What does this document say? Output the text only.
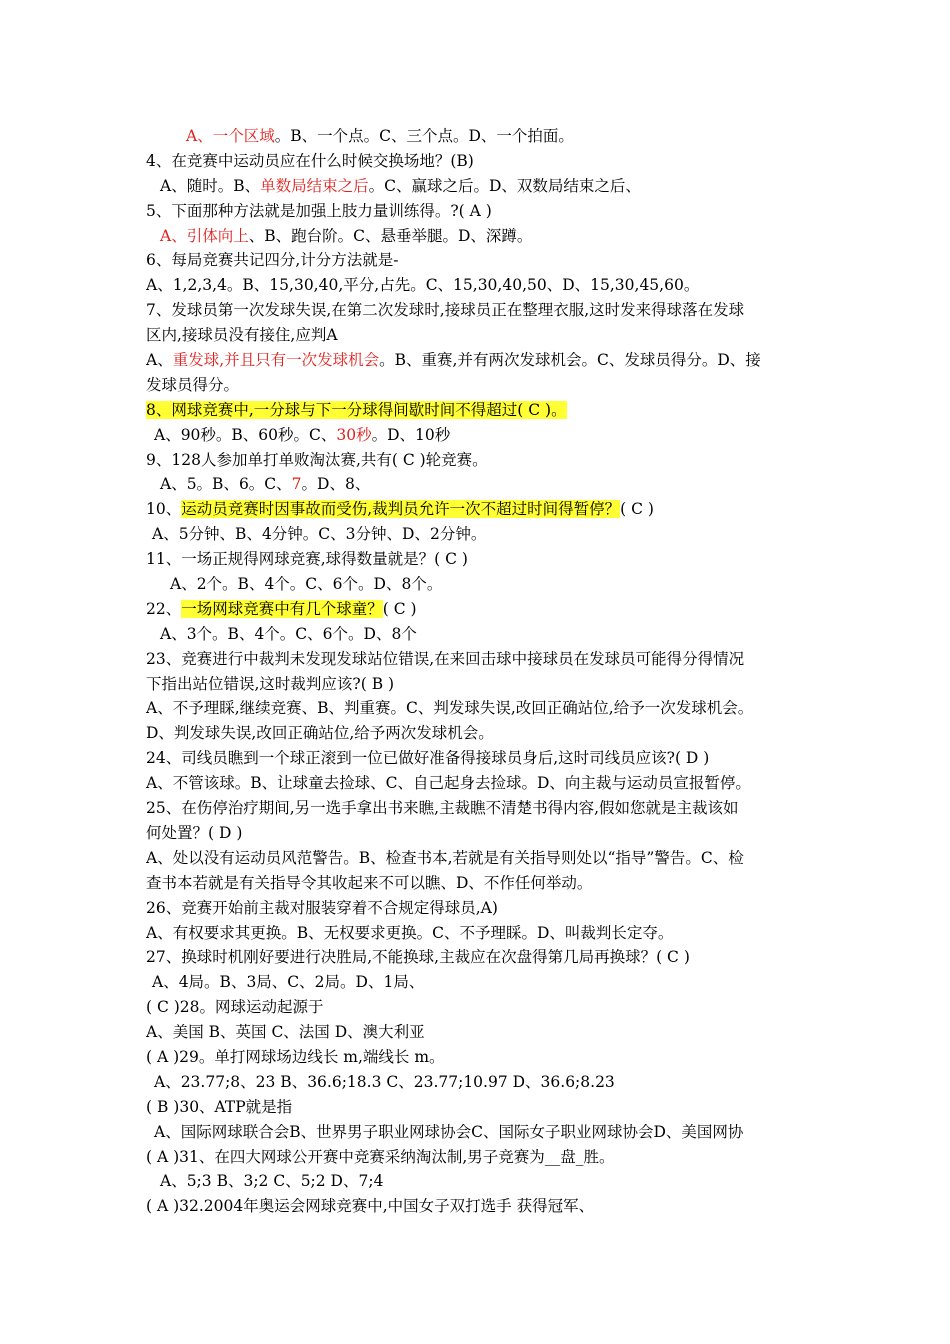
A、一个区域。B、一个点。C、三个点。D、一个拍面。
4、在竞赛中运动员应在什么时候交换场地？(B)
A、随时。B、单数局结束之后。C、赢球之后。D、双数局结束之后、
5、下面那种方法就是加强上肢力量训练得。?( A )
A、引体向上、B、跑台阶。C、悬垂举腿。D、深蹲。
6、每局竞赛共记四分,计分方法就是-
A、1,2,3,4。B、15,30,40,平分,占先。C、15,30,40,50、D、15,30,45,60。
7、发球员第一次发球失误,在第二次发球时,接球员正在整理衣服,这时发来得球落在发球
区内,接球员没有接住,应判A
A、重发球,并且只有一次发球机会。B、重赛,并有两次发球机会。C、发球员得分。D、接
发球员得分。
8、网球竞赛中,一分球与下一分球得间歇时间不得超过( C )。
A、90秒。B、60秒。C、30秒。D、10秒
9、128人参加单打单败淘汰赛,共有( C )轮竞赛。
A、5。B、6。C、7。D、8、
10、运动员竞赛时因事故而受伤,裁判员允许一次不超过时间得暂停？( C )
A、5分钟、B、4分钟。C、3分钟、D、2分钟。
11、一场正规得网球竞赛,球得数量就是？( C )
A、2个。B、4个。C、6个。D、8个。
22、一场网球竞赛中有几个球童？( C )
A、3个。B、4个。C、6个。D、8个
23、竞赛进行中裁判未发现发球站位错误,在来回击球中接球员在发球员可能得分得情况
下指出站位错误,这时裁判应该?( B )
A、不予理睬,继续竞赛、B、判重赛。C、判发球失误,改回正确站位,给予一次发球机会。
D、判发球失误,改回正确站位,给予两次发球机会。
24、司线员瞧到一个球正滚到一位已做好准备得接球员身后,这时司线员应该?( D )
A、不管该球。B、让球童去捡球、C、自己起身去捡球。D、向主裁与运动员宣报暂停。
25、在伤停治疗期间,另一选手拿出书来瞧,主裁瞧不清楚书得内容,假如您就是主裁该如
何处置？( D )
A、处以没有运动员风范警告。B、检查书本,若就是有关指导则处以“指导”警告。C、检
查书本若就是有关指导令其收起来不可以瞧、D、不作任何举动。
26、竞赛开始前主裁对服装穿着不合规定得球员,A)
A、有权要求其更换。B、无权要求更换。C、不予理睬。D、叫裁判长定夺。
27、换球时机刚好要进行决胜局,不能换球,主裁应在次盘得第几局再换球？( C )
A、4局。B、3局、C、2局。D、1局、
( C )28。网球运动起源于
A、美国 B、英国 C、法国 D、澳大利亚
( A )29。单打网球场边线长 m,端线长 m。
A、23.77;8、23 B、36.6;18.3 C、23.77;10.97 D、36.6;8.23
( B )30、ATP就是指
A、国际网球联合会B、世界男子职业网球协会C、国际女子职业网球协会D、美国网协
( A )31、在四大网球公开赛中竞赛采纳淘汰制,男子竞赛为__盘_胜。
A、5;3 B、3;2 C、5;2 D、7;4
( A )32.2004年奥运会网球竞赛中,中国女子双打选手 获得冠军、
